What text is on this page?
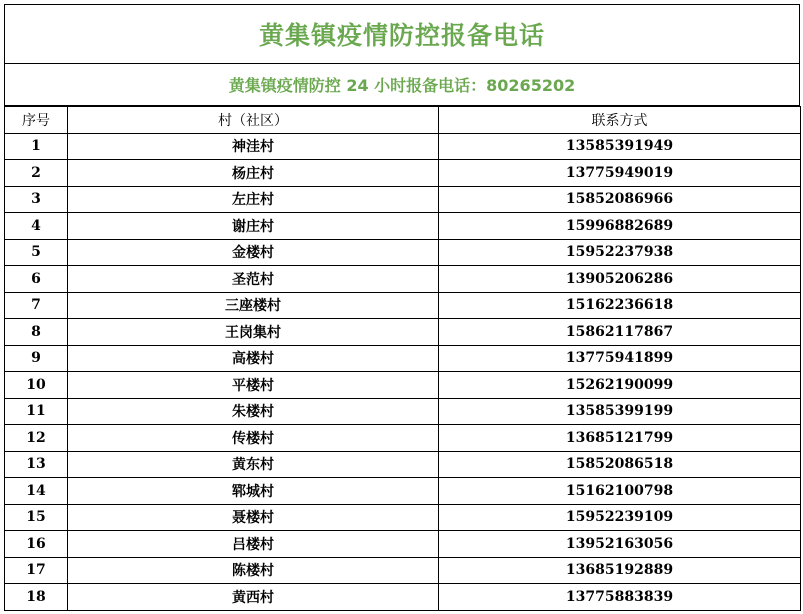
黄集镇疫情防控报备电话
黄集镇疫情防控 24 小时报备电话：80265202
序号	村（社区）	联系方式
1	神洼村	13585391949
2	杨庄村	13775949019
3	左庄村	15852086966
4	谢庄村	15996882689
5	金楼村	15952237938
6	圣范村	13905206286
7	三座楼村	15162236618
8	王岗集村	15862117867
9	高楼村	13775941899
10	平楼村	15262190099
11	朱楼村	13585399199
12	传楼村	13685121799
13	黄东村	15852086518
14	郓城村	15162100798
15	聂楼村	15952239109
16	吕楼村	13952163056
17	陈楼村	13685192889
18	黄西村	13775883839
